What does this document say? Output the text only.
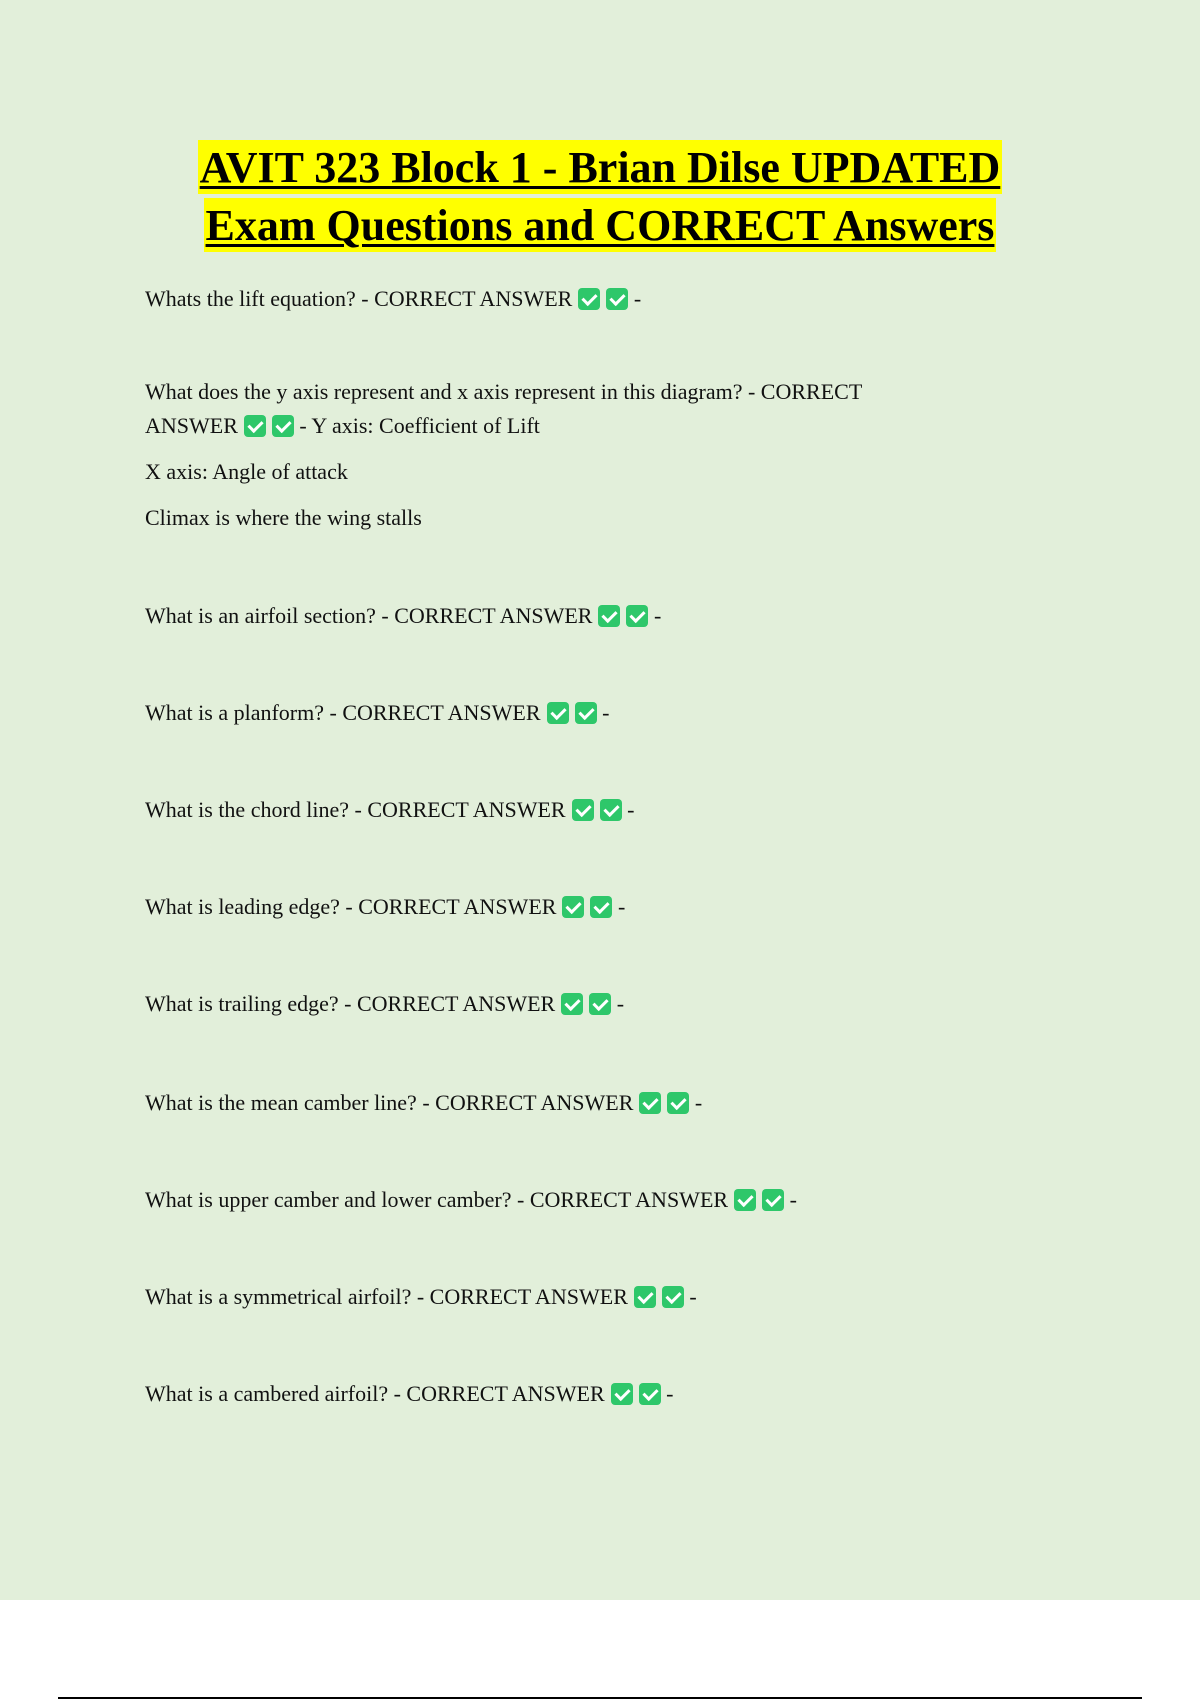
AVIT 323 Block 1 - Brian Dilse UPDATED
Exam Questions and CORRECT Answers
Whats the lift equation? - CORRECT ANSWER	-
What does the y axis represent and x axis represent in this diagram? - CORRECT
ANSWER	- Y axis: Coefficient of Lift
X axis: Angle of attack
Climax is where the wing stalls
What is an airfoil section? - CORRECT ANSWER	-
What is a planform? - CORRECT ANSWER	-
What is the chord line? - CORRECT ANSWER	-
What is leading edge? - CORRECT ANSWER	-
What is trailing edge? - CORRECT ANSWER	-
What is the mean camber line? - CORRECT ANSWER	-
What is upper camber and lower camber? - CORRECT ANSWER	-
What is a symmetrical airfoil? - CORRECT ANSWER	-
What is a cambered airfoil? - CORRECT ANSWER	-
